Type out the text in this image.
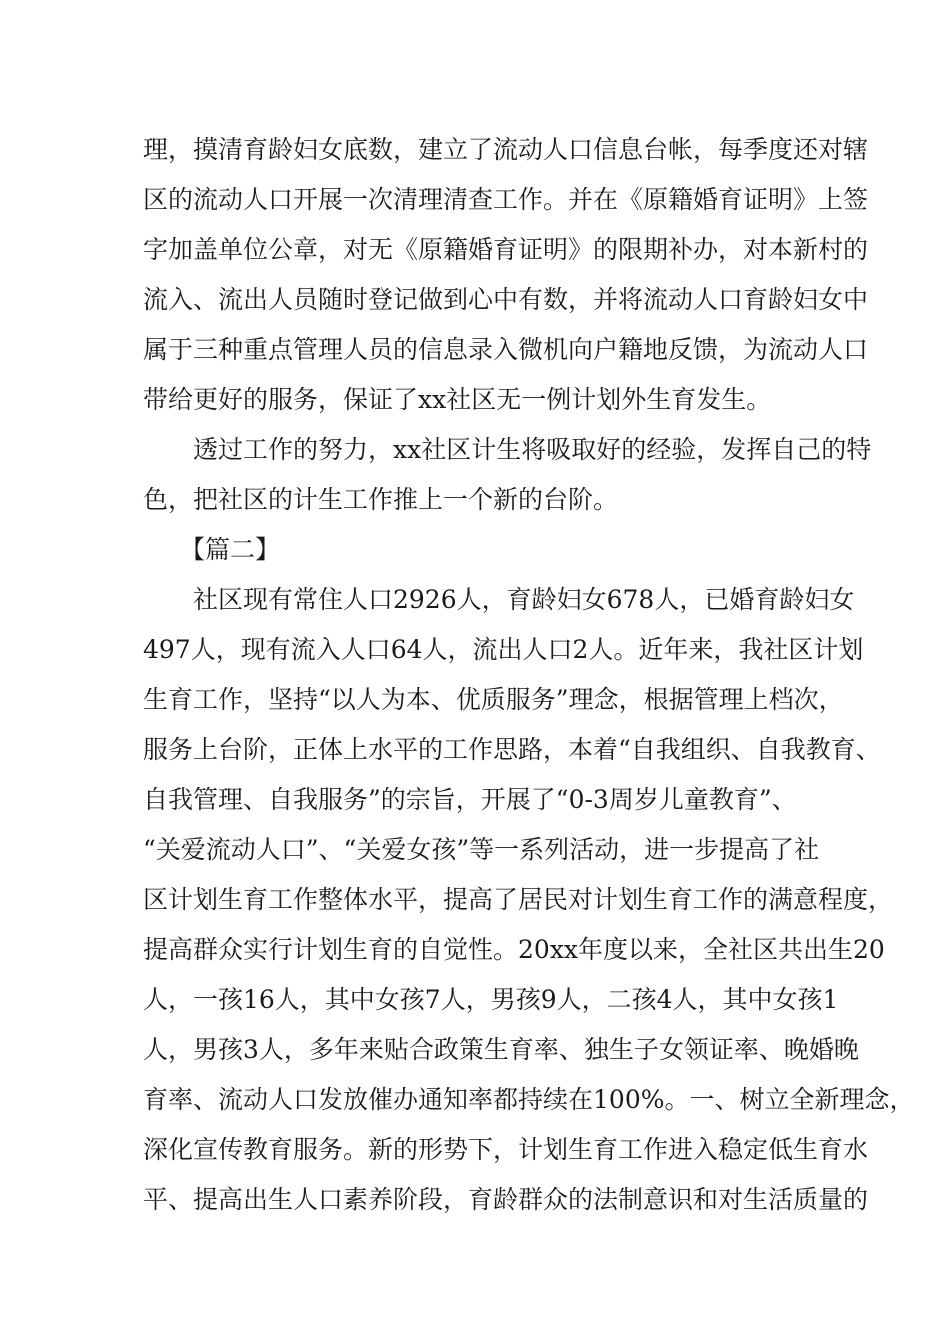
理，摸清育龄妇女底数，建立了流动人口信息台帐，每季度还对辖
区的流动人口开展一次清理清查工作。并在《原籍婚育证明》上签
字加盖单位公章，对无《原籍婚育证明》的限期补办，对本新村的
流入、流出人员随时登记做到心中有数，并将流动人口育龄妇女中
属于三种重点管理人员的信息录入微机向户籍地反馈，为流动人口
带给更好的服务，保证了xx社区无一例计划外生育发生。
透过工作的努力，xx社区计生将吸取好的经验，发挥自己的特
色，把社区的计生工作推上一个新的台阶。
【篇二】
社区现有常住人口2926人，育龄妇女678人，已婚育龄妇女
497人，现有流入人口64人，流出人口2人。近年来，我社区计划
生育工作，坚持“以人为本、优质服务”理念，根据管理上档次，
服务上台阶，正体上水平的工作思路，本着“自我组织、自我教育、
自我管理、自我服务”的宗旨，开展了“0-3周岁儿童教育”、
“关爱流动人口”、“关爱女孩”等一系列活动，进一步提高了社
区计划生育工作整体水平，提高了居民对计划生育工作的满意程度，
提高群众实行计划生育的自觉性。20xx年度以来，全社区共出生20
人，一孩16人，其中女孩7人，男孩9人，二孩4人，其中女孩1
人，男孩3人，多年来贴合政策生育率、独生子女领证率、晚婚晚
育率、流动人口发放催办通知率都持续在100%。一、树立全新理念，
深化宣传教育服务。新的形势下，计划生育工作进入稳定低生育水
平、提高出生人口素养阶段，育龄群众的法制意识和对生活质量的
